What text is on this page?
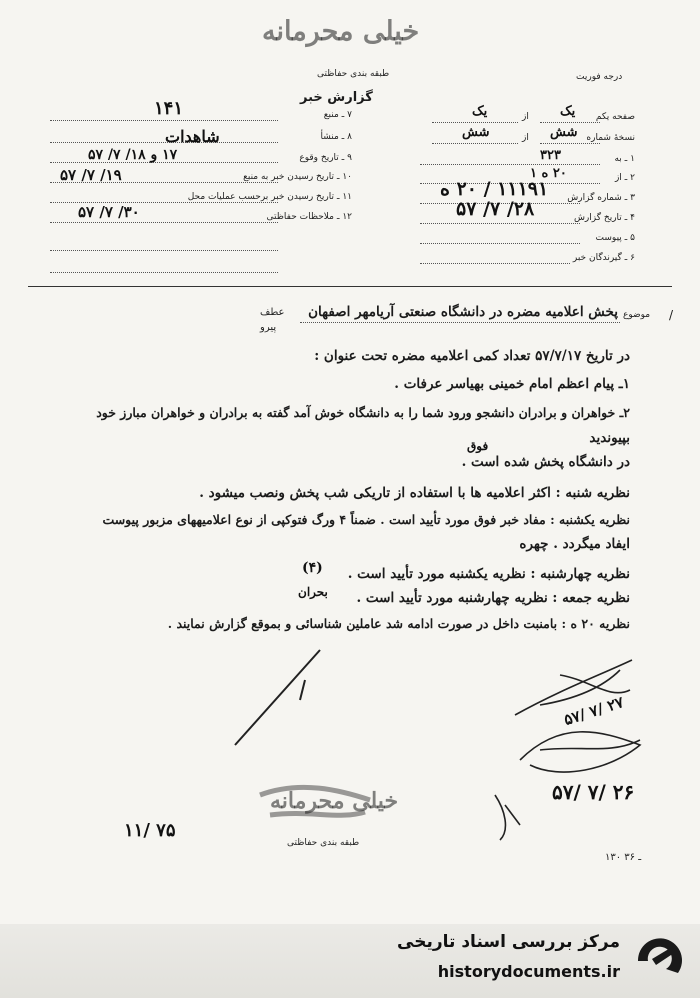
خیلی محرمانه
طبقه بندی حفاظتی
گزارش خبر
درجه فوریت
۷ ـ منبع
۱۴۱
۸ ـ منشأ
شاهدات
۹ ـ تاریخ وقوع
۱۷ و ۱۸/ ۷/ ۵۷
۱۰ ـ تاریخ رسیدن خبر به منبع
۱۹/ ۷/ ۵۷
۱۱ ـ تاریخ رسیدن خبر برحسب عملیات محل
۱۲ ـ ملاحظات حفاظتی
۳۰/ ۷/ ۵۷
صفحه یکم
یک
از
یک
نسخهٔ شماره
شش
از
شش
۱ ـ به
۳۲۳
۲ ـ از
۲۰ ه ۱
۳ ـ شماره گزارش
۱۱۱۹۱ / ۲۰ ه
۴ ـ تاریخ گزارش
۲۸/ ۷/ ۵۷
۵ ـ پیوست
۶ ـ گیرندگان خبر
عطف
پیرو
موضوع
پخش اعلامیه مضره در دانشگاه صنعتی آریامهر اصفهان	/
در تاریخ ۵۷/۷/۱۷ تعداد کمی اعلامیه مضره تحت عنوان :
۱ـ پیام اعظم امام خمینی بهیاسر عرفات .
۲ـ خواهران و برادران دانشجو ورود شما را به دانشگاه خوش آمد گفته به برادران و خواهران مبارز خود
بپیوندید
فوق
در دانشگاه پخش شده است .
نظریه شنبه : اکثر اعلامیه ها با استفاده از تاریکی شب پخش ونصب میشود .
نظریه یکشنبه : مفاد خبر فوق مورد تأیید است . ضمناً ۴ ورگ فتوکپی از نوع اعلامیههای مزبور پیوست
ایفاد میگردد . چهره
نظریه چهارشنبه : نظریه یکشنبه مورد تأیید است .
(۴)
نظریه جمعه : نظریه چهارشنبه مورد تأیید است .
بحران
نظریه ۲۰ ه : بامنبت داخل در صورت ادامه شد عاملین شناسائی و بموقع گزارش نمایند .
۵۷/ ۷/ ۲۷
۵۷/ ۷/ ۲۶
خیلی محرمانه
طبقه بندی حفاظتی
۱۱/ ۷۵
۱۳۰ ـ ۳۶
مرکز بررسی اسناد تاریخی
historydocuments.ir
